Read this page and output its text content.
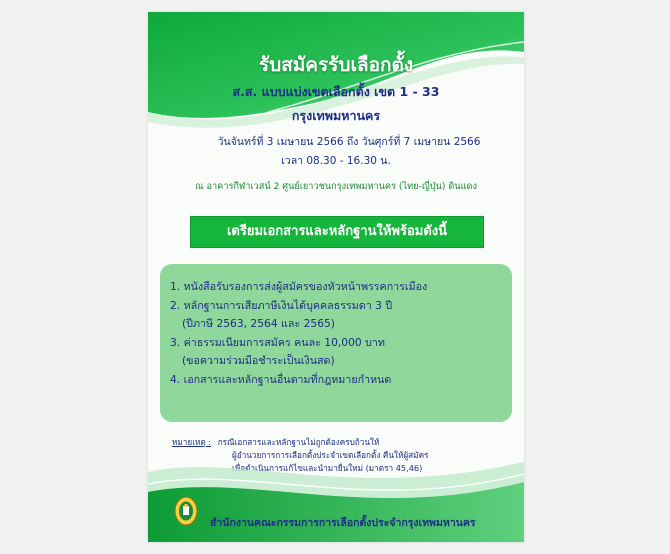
รับสมัครรับเลือกตั้ง
ส.ส. แบบแบ่งเขตเลือกตั้ง เขต 1 - 33
กรุงเทพมหานคร
วันจันทร์ที่ 3 เมษายน 2566 ถึง วันศุกร์ที่ 7 เมษายน 2566
เวลา 08.30 - 16.30 น.
ณ อาคารกีฬาเวสน์ 2 ศูนย์เยาวชนกรุงเทพมหานคร (ไทย-ญี่ปุ่น) ดินแดง
เตรียมเอกสารและหลักฐานให้พร้อมดังนี้
1. หนังสือรับรองการส่งผู้สมัครของหัวหน้าพรรคการเมือง
2. หลักฐานการเสียภาษีเงินได้บุคคลธรรมดา 3 ปี
(ปีภาษี 2563, 2564 และ 2565)
3. ค่าธรรมเนียมการสมัคร คนละ 10,000 บาท
(ขอความร่วมมือชำระเป็นเงินสด)
4. เอกสารและหลักฐานอื่นตามที่กฎหมายกำหนด
หมายเหตุ : กรณีเอกสารและหลักฐานไม่ถูกต้องครบถ้วนให้
ผู้อำนวยการการเลือกตั้งประจำเขตเลือกตั้ง คืนให้ผู้สมัคร
เพื่อดำเนินการแก้ไขและนำมายื่นใหม่ (มาตรา 45,46)
สำนักงานคณะกรรมการการเลือกตั้งประจำกรุงเทพมหานคร
